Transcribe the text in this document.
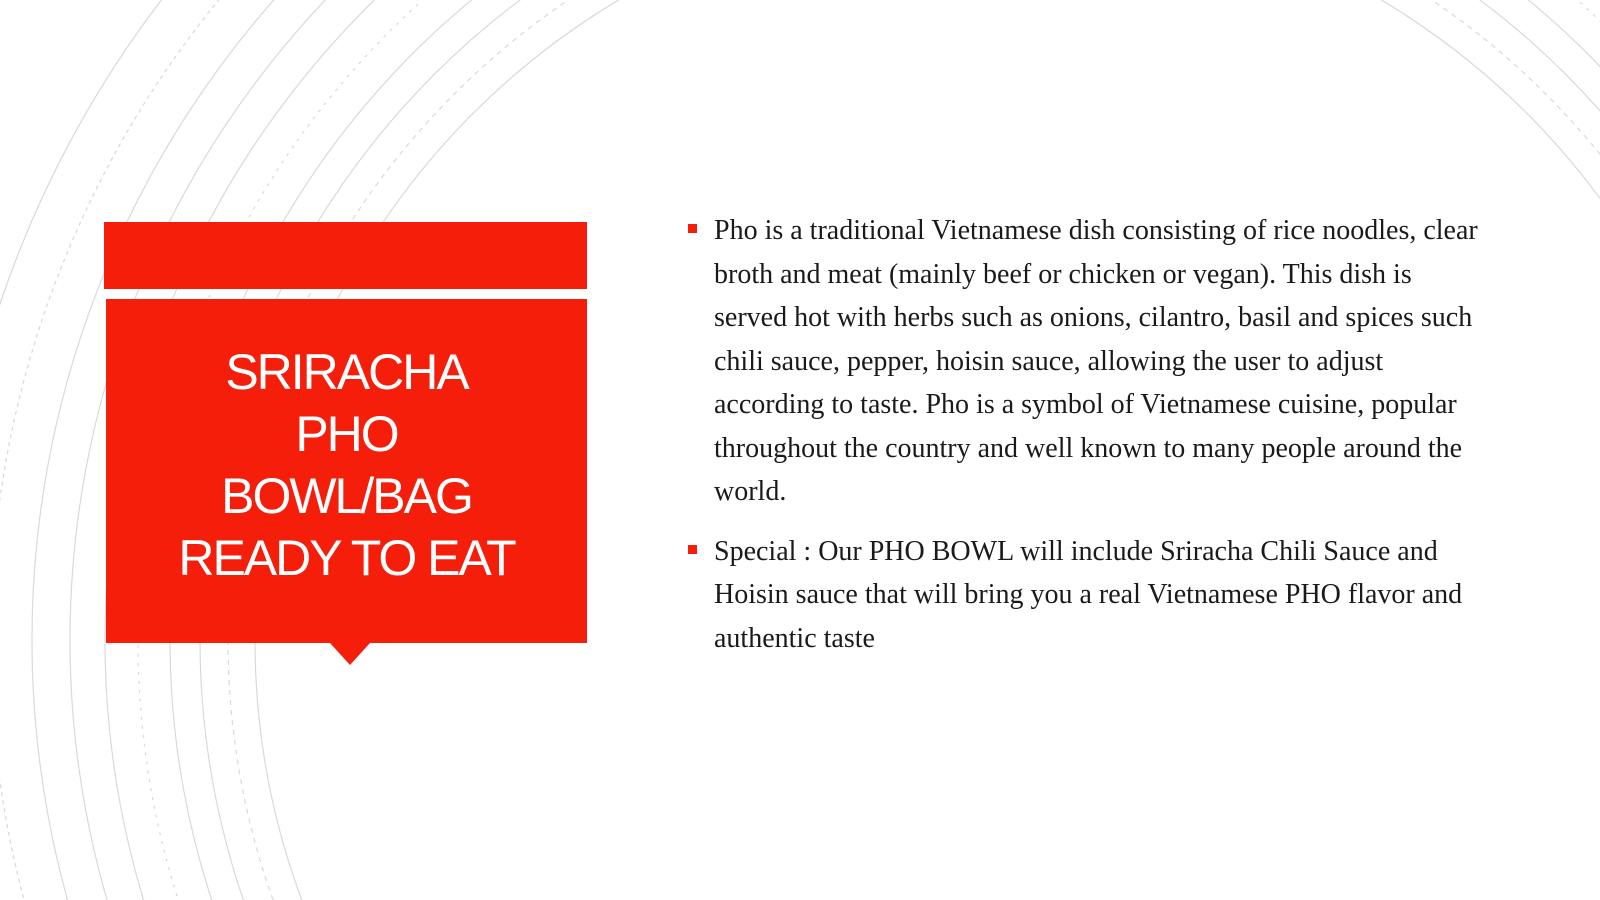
SRIRACHA
PHO
BOWL/BAG
READY TO EAT
Pho is a traditional Vietnamese dish consisting of rice noodles, clear broth and meat (mainly beef or chicken or vegan). This dish is served hot with herbs such as onions, cilantro, basil and spices such chili sauce, pepper, hoisin sauce, allowing the user to adjust according to taste. Pho is a symbol of Vietnamese cuisine, popular throughout the country and well known to many people around the world.
Special : Our PHO BOWL will include Sriracha Chili Sauce and Hoisin sauce that will bring you a real Vietnamese PHO flavor and authentic taste
